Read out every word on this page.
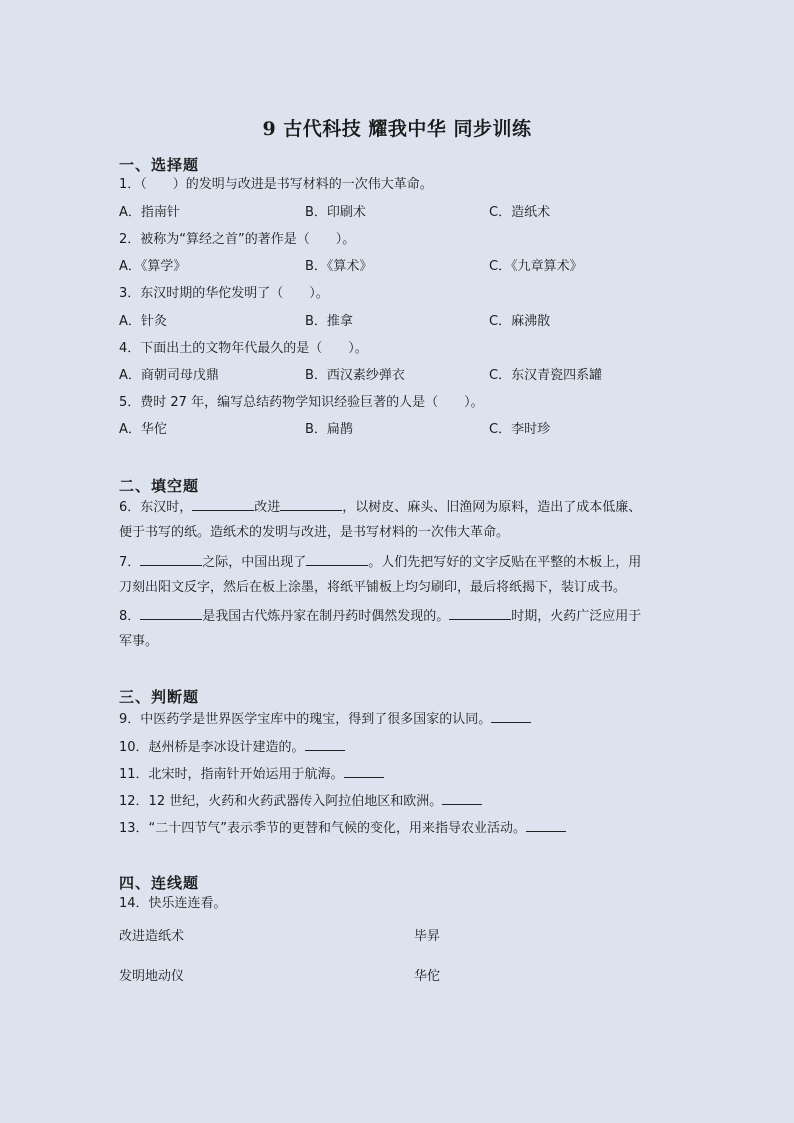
9 古代科技 耀我中华 同步训练
一、选择题
1．（　　）的发明与改进是书写材料的一次伟大革命。
A．指南针	B．印刷术	C．造纸术
2．被称为“算经之首”的著作是（　　）。
A．《算学》	B．《算术》	C．《九章算术》
3．东汉时期的华佗发明了（　　）。
A．针灸	B．推拿	C．麻沸散
4．下面出土的文物年代最久的是（　　）。
A．商朝司母戊鼎	B．西汉素纱弹衣	C．东汉青瓷四系罐
5．费时 27 年，编写总结药物学知识经验巨著的人是（　　）。
A．华佗	B．扁鹊	C．李时珍
二、填空题
6．东汉时，	改进	，以树皮、麻头、旧渔网为原料，造出了成本低廉、
便于书写的纸。造纸术的发明与改进，是书写材料的一次伟大革命。
7．	之际，中国出现了	。人们先把写好的文字反贴在平整的木板上，用
刀刻出阳文反字，然后在板上涂墨，将纸平铺板上均匀刷印，最后将纸揭下，装订成书。
8．	是我国古代炼丹家在制丹药时偶然发现的。	时期，火药广泛应用于
军事。
三、判断题
9．中医药学是世界医学宝库中的瑰宝，得到了很多国家的认同。
10．赵州桥是李冰设计建造的。
11．北宋时，指南针开始运用于航海。
12．12 世纪，火药和火药武器传入阿拉伯地区和欧洲。
13．“二十四节气”表示季节的更替和气候的变化，用来指导农业活动。
四、连线题
14．快乐连连看。
改进造纸术	毕昇
发明地动仪	华佗
